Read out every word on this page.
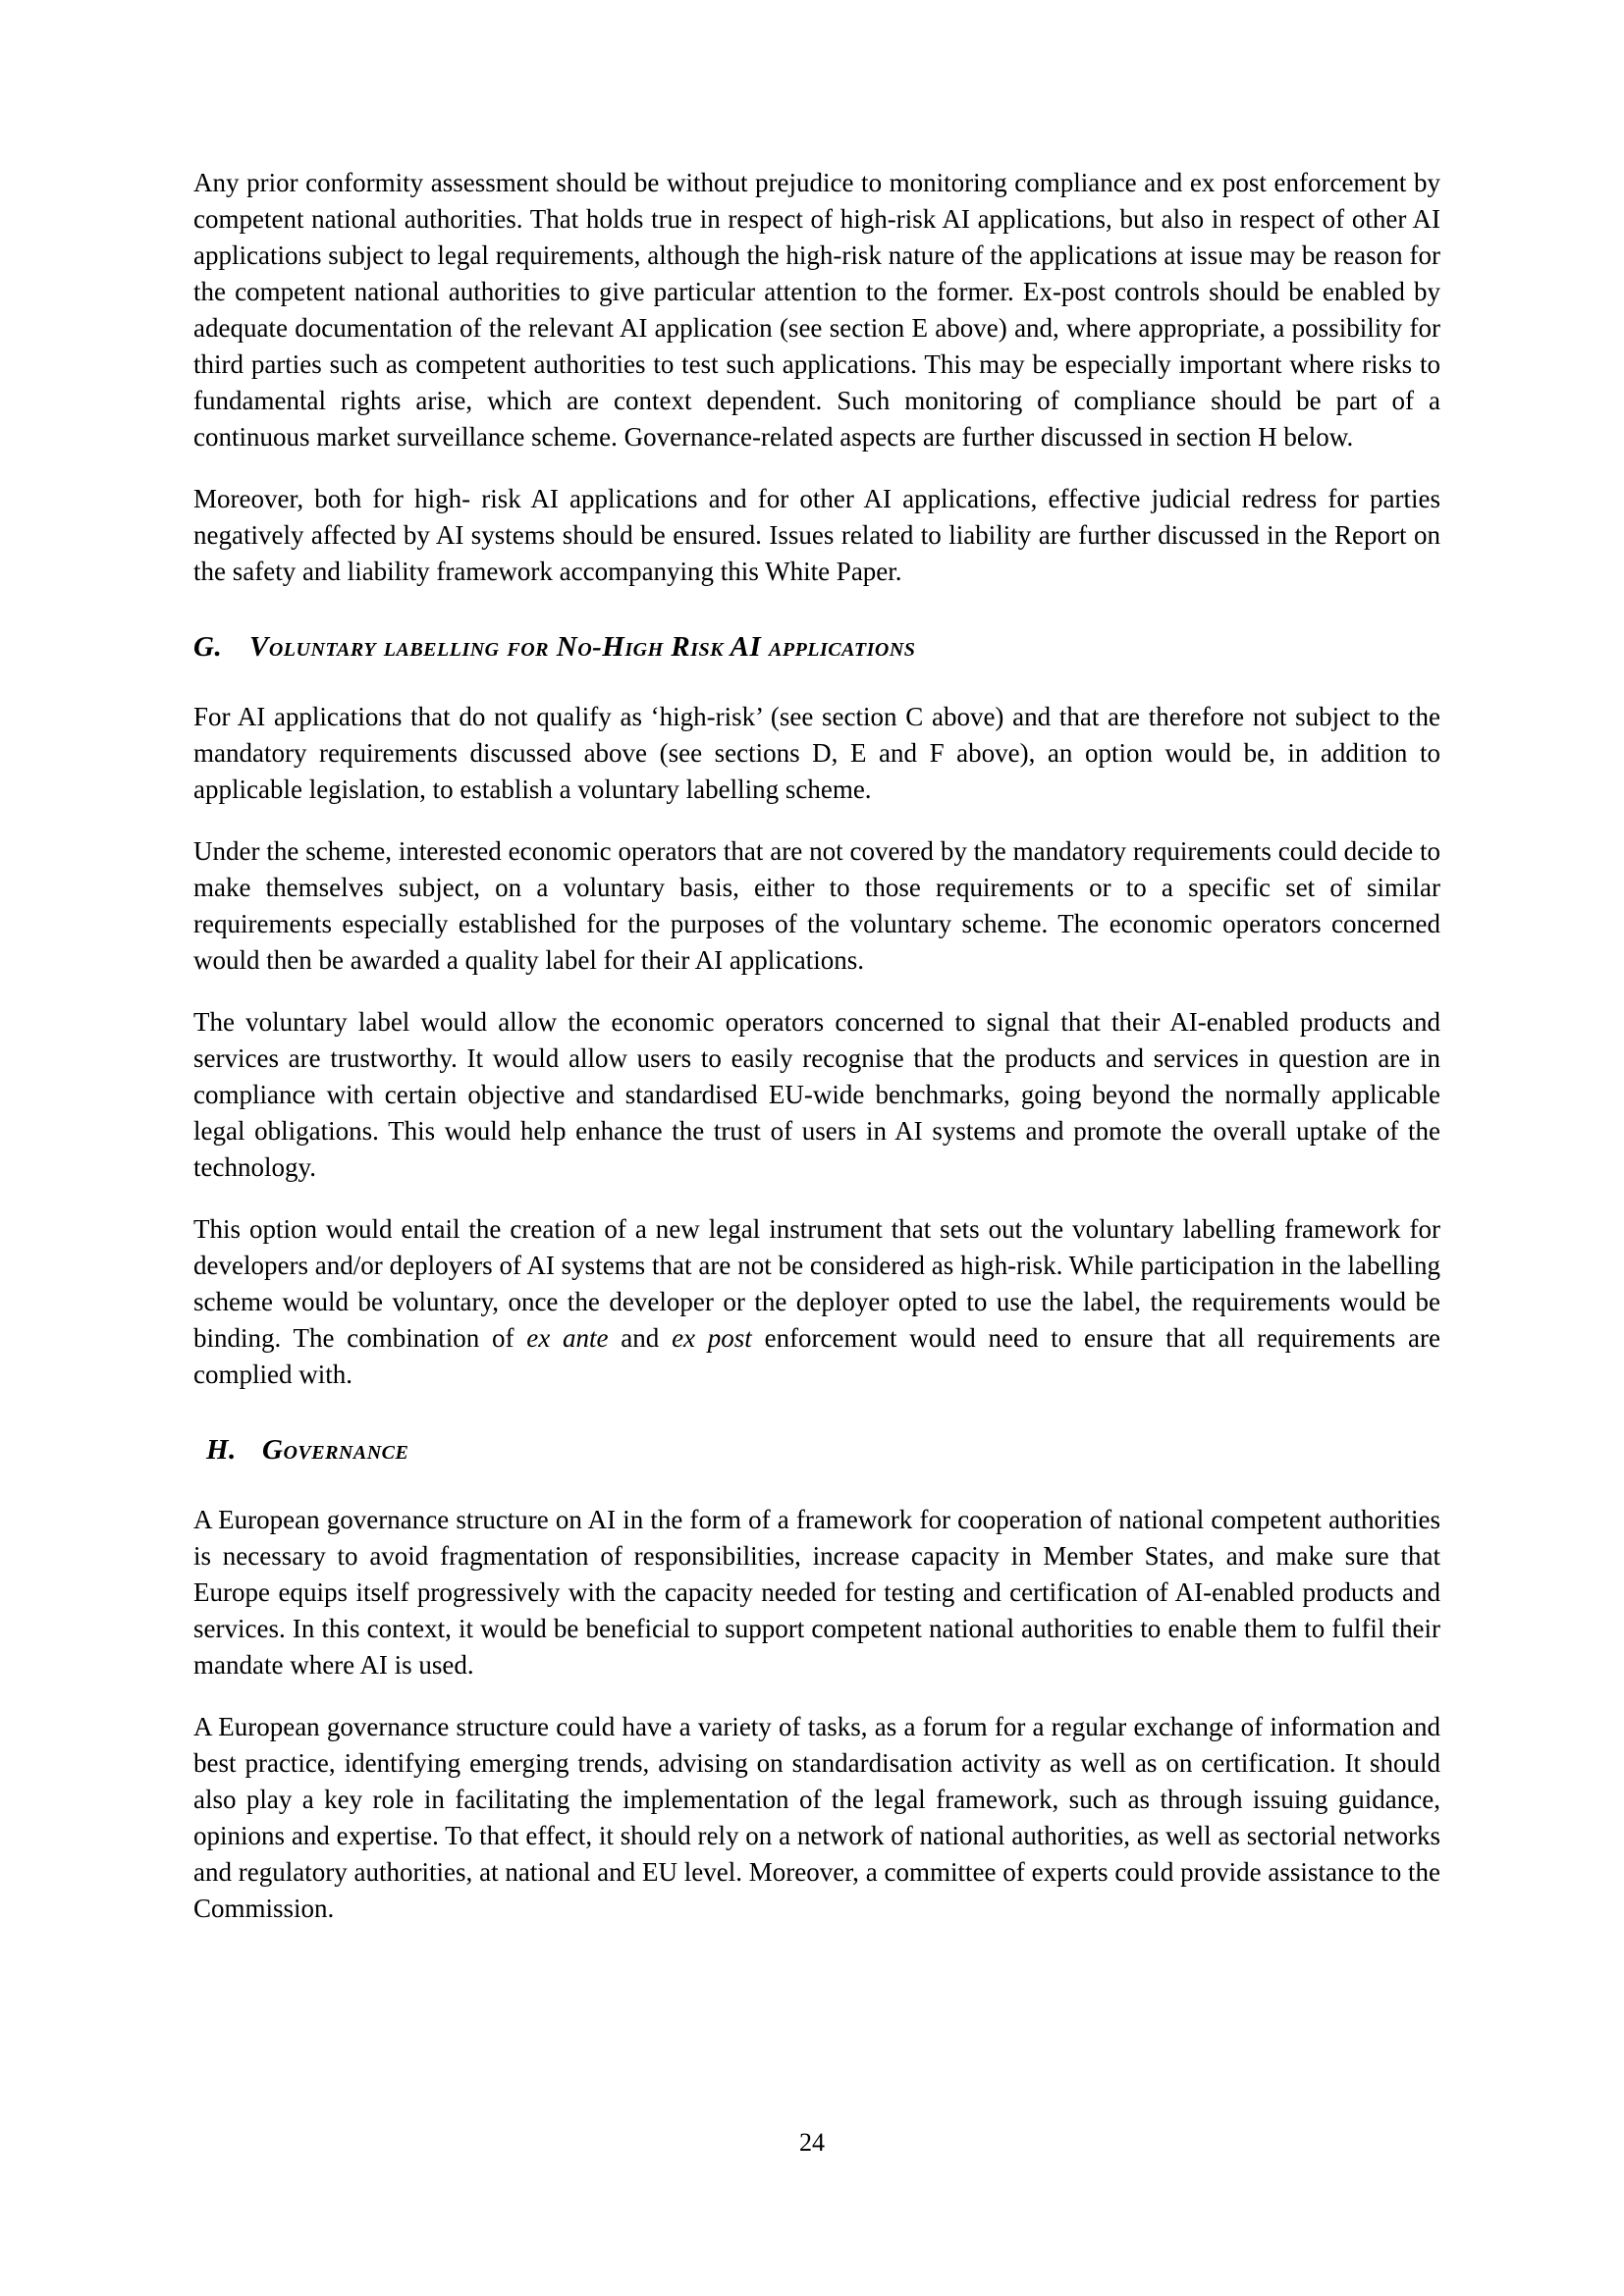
Any prior conformity assessment should be without prejudice to monitoring compliance and ex post enforcement by competent national authorities. That holds true in respect of high-risk AI applications, but also in respect of other AI applications subject to legal requirements, although the high-risk nature of the applications at issue may be reason for the competent national authorities to give particular attention to the former. Ex-post controls should be enabled by adequate documentation of the relevant AI application (see section E above) and, where appropriate, a possibility for third parties such as competent authorities to test such applications. This may be especially important where risks to fundamental rights arise, which are context dependent. Such monitoring of compliance should be part of a continuous market surveillance scheme. Governance-related aspects are further discussed in section H below.

Moreover, both for high- risk AI applications and for other AI applications, effective judicial redress for parties negatively affected by AI systems should be ensured. Issues related to liability are further discussed in the Report on the safety and liability framework accompanying this White Paper.

G. Voluntary labelling for No-High Risk AI applications

For AI applications that do not qualify as ‘high-risk’ (see section C above) and that are therefore not subject to the mandatory requirements discussed above (see sections D, E and F above), an option would be, in addition to applicable legislation, to establish a voluntary labelling scheme.

Under the scheme, interested economic operators that are not covered by the mandatory requirements could decide to make themselves subject, on a voluntary basis, either to those requirements or to a specific set of similar requirements especially established for the purposes of the voluntary scheme. The economic operators concerned would then be awarded a quality label for their AI applications.

The voluntary label would allow the economic operators concerned to signal that their AI-enabled products and services are trustworthy. It would allow users to easily recognise that the products and services in question are in compliance with certain objective and standardised EU-wide benchmarks, going beyond the normally applicable legal obligations. This would help enhance the trust of users in AI systems and promote the overall uptake of the technology.

This option would entail the creation of a new legal instrument that sets out the voluntary labelling framework for developers and/or deployers of AI systems that are not be considered as high-risk. While participation in the labelling scheme would be voluntary, once the developer or the deployer opted to use the label, the requirements would be binding. The combination of ex ante and ex post enforcement would need to ensure that all requirements are complied with.

H. Governance

A European governance structure on AI in the form of a framework for cooperation of national competent authorities is necessary to avoid fragmentation of responsibilities, increase capacity in Member States, and make sure that Europe equips itself progressively with the capacity needed for testing and certification of AI-enabled products and services. In this context, it would be beneficial to support competent national authorities to enable them to fulfil their mandate where AI is used.

A European governance structure could have a variety of tasks, as a forum for a regular exchange of information and best practice, identifying emerging trends, advising on standardisation activity as well as on certification. It should also play a key role in facilitating the implementation of the legal framework, such as through issuing guidance, opinions and expertise. To that effect, it should rely on a network of national authorities, as well as sectorial networks and regulatory authorities, at national and EU level. Moreover, a committee of experts could provide assistance to the Commission.

24
